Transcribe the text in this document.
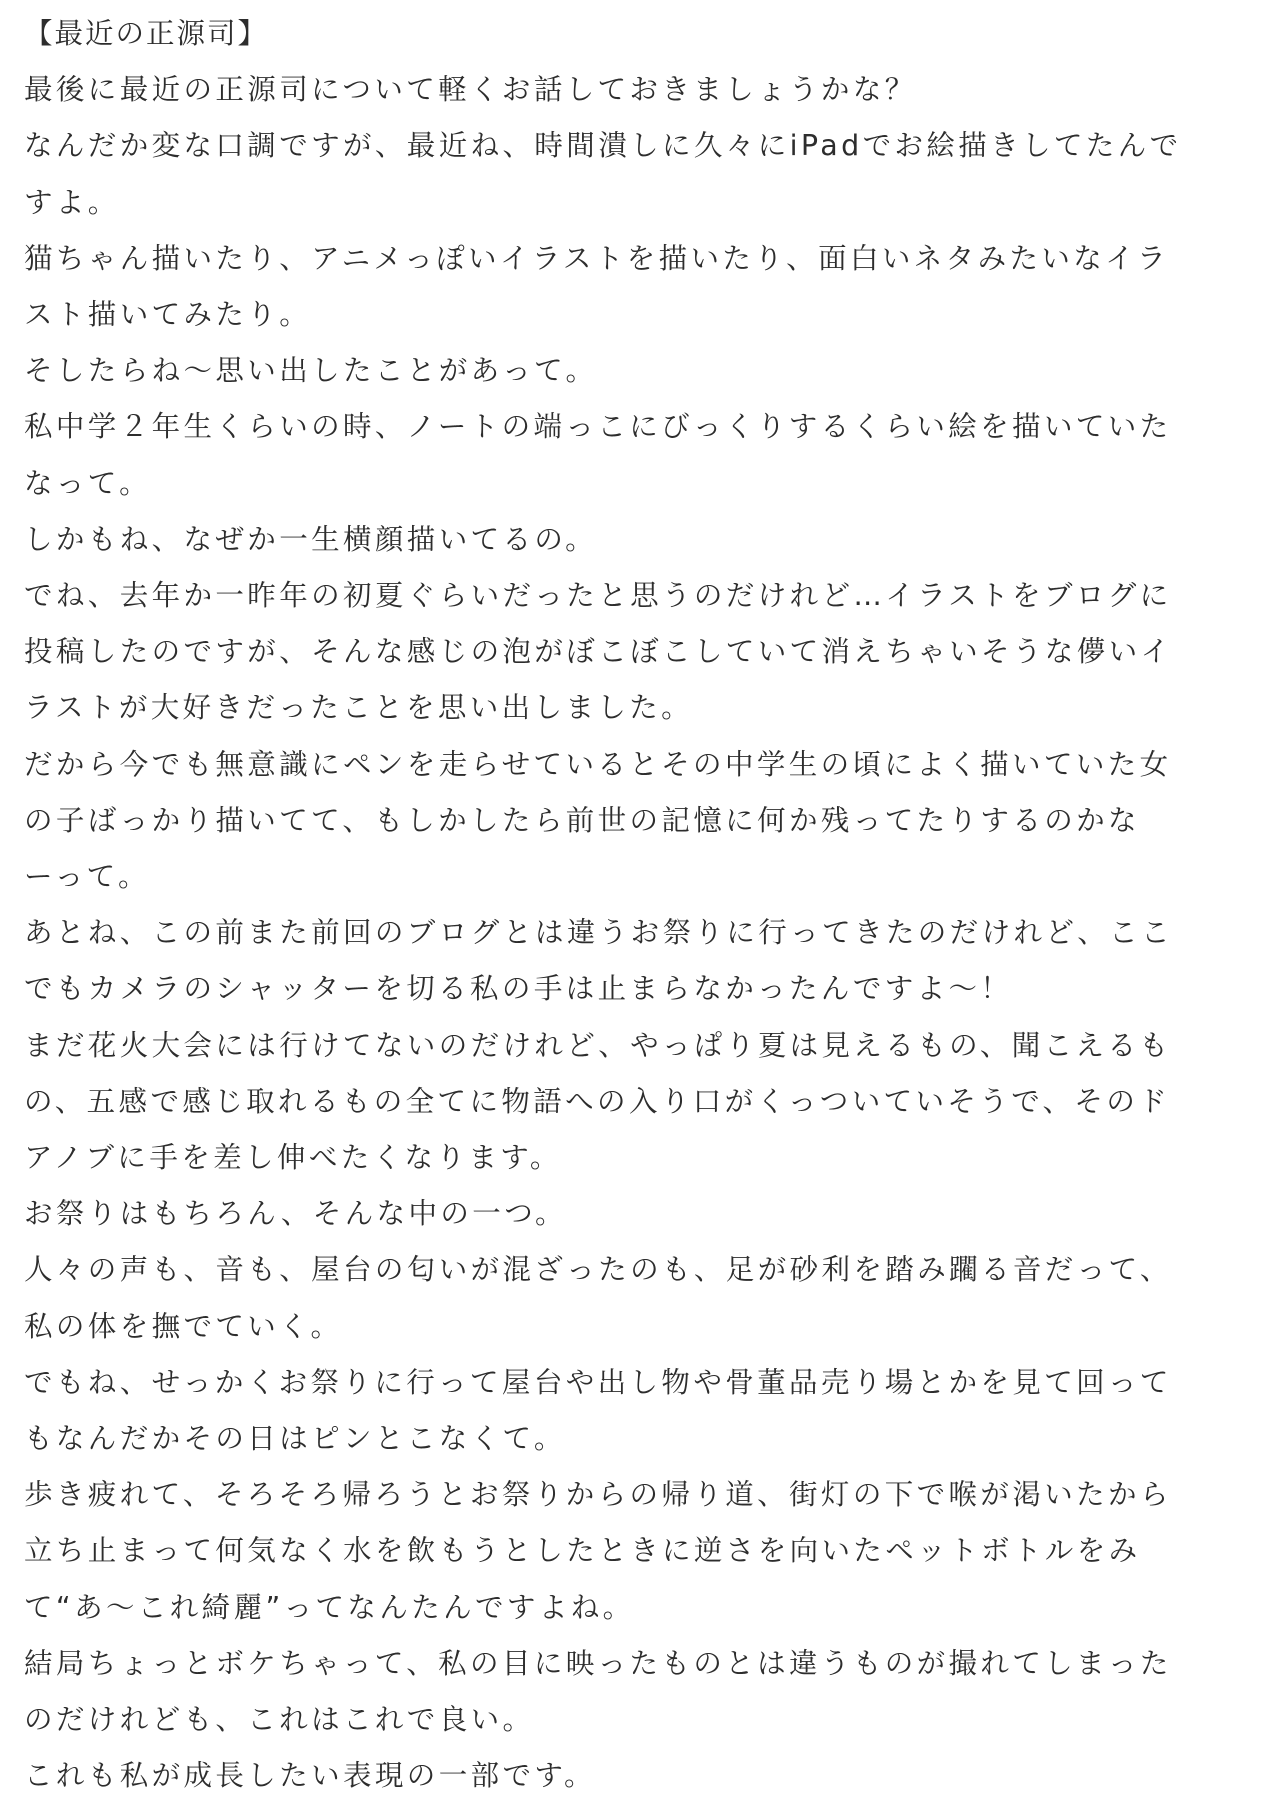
【最近の正源司】

最後に最近の正源司について軽くお話しておきましょうかな？

なんだか変な口調ですが、最近ね、時間潰しに久々にiPadでお絵描きしてたんで

すよ。

猫ちゃん描いたり、アニメっぽいイラストを描いたり、面白いネタみたいなイラ

スト描いてみたり。

そしたらね〜思い出したことがあって。

私中学２年生くらいの時、ノートの端っこにびっくりするくらい絵を描いていた

なって。

しかもね、なぜか一生横顔描いてるの。

でね、去年か一昨年の初夏ぐらいだったと思うのだけれど…イラストをブログに

投稿したのですが、そんな感じの泡がぼこぼこしていて消えちゃいそうな儚いイ

ラストが大好きだったことを思い出しました。

だから今でも無意識にペンを走らせているとその中学生の頃によく描いていた女

の子ばっかり描いてて、もしかしたら前世の記憶に何か残ってたりするのかな

ーって。

あとね、この前また前回のブログとは違うお祭りに行ってきたのだけれど、ここ

でもカメラのシャッターを切る私の手は止まらなかったんですよ〜！

まだ花火大会には行けてないのだけれど、やっぱり夏は見えるもの、聞こえるも

の、五感で感じ取れるもの全てに物語への入り口がくっついていそうで、そのド

アノブに手を差し伸べたくなります。

お祭りはもちろん、そんな中の一つ。

人々の声も、音も、屋台の匂いが混ざったのも、足が砂利を踏み躙る音だって、

私の体を撫でていく。

でもね、せっかくお祭りに行って屋台や出し物や骨董品売り場とかを見て回って

もなんだかその日はピンとこなくて。

歩き疲れて、そろそろ帰ろうとお祭りからの帰り道、街灯の下で喉が渇いたから

立ち止まって何気なく水を飲もうとしたときに逆さを向いたペットボトルをみ

て“あ〜これ綺麗”ってなんたんですよね。

結局ちょっとボケちゃって、私の目に映ったものとは違うものが撮れてしまった

のだけれども、これはこれで良い。

これも私が成長したい表現の一部です。
